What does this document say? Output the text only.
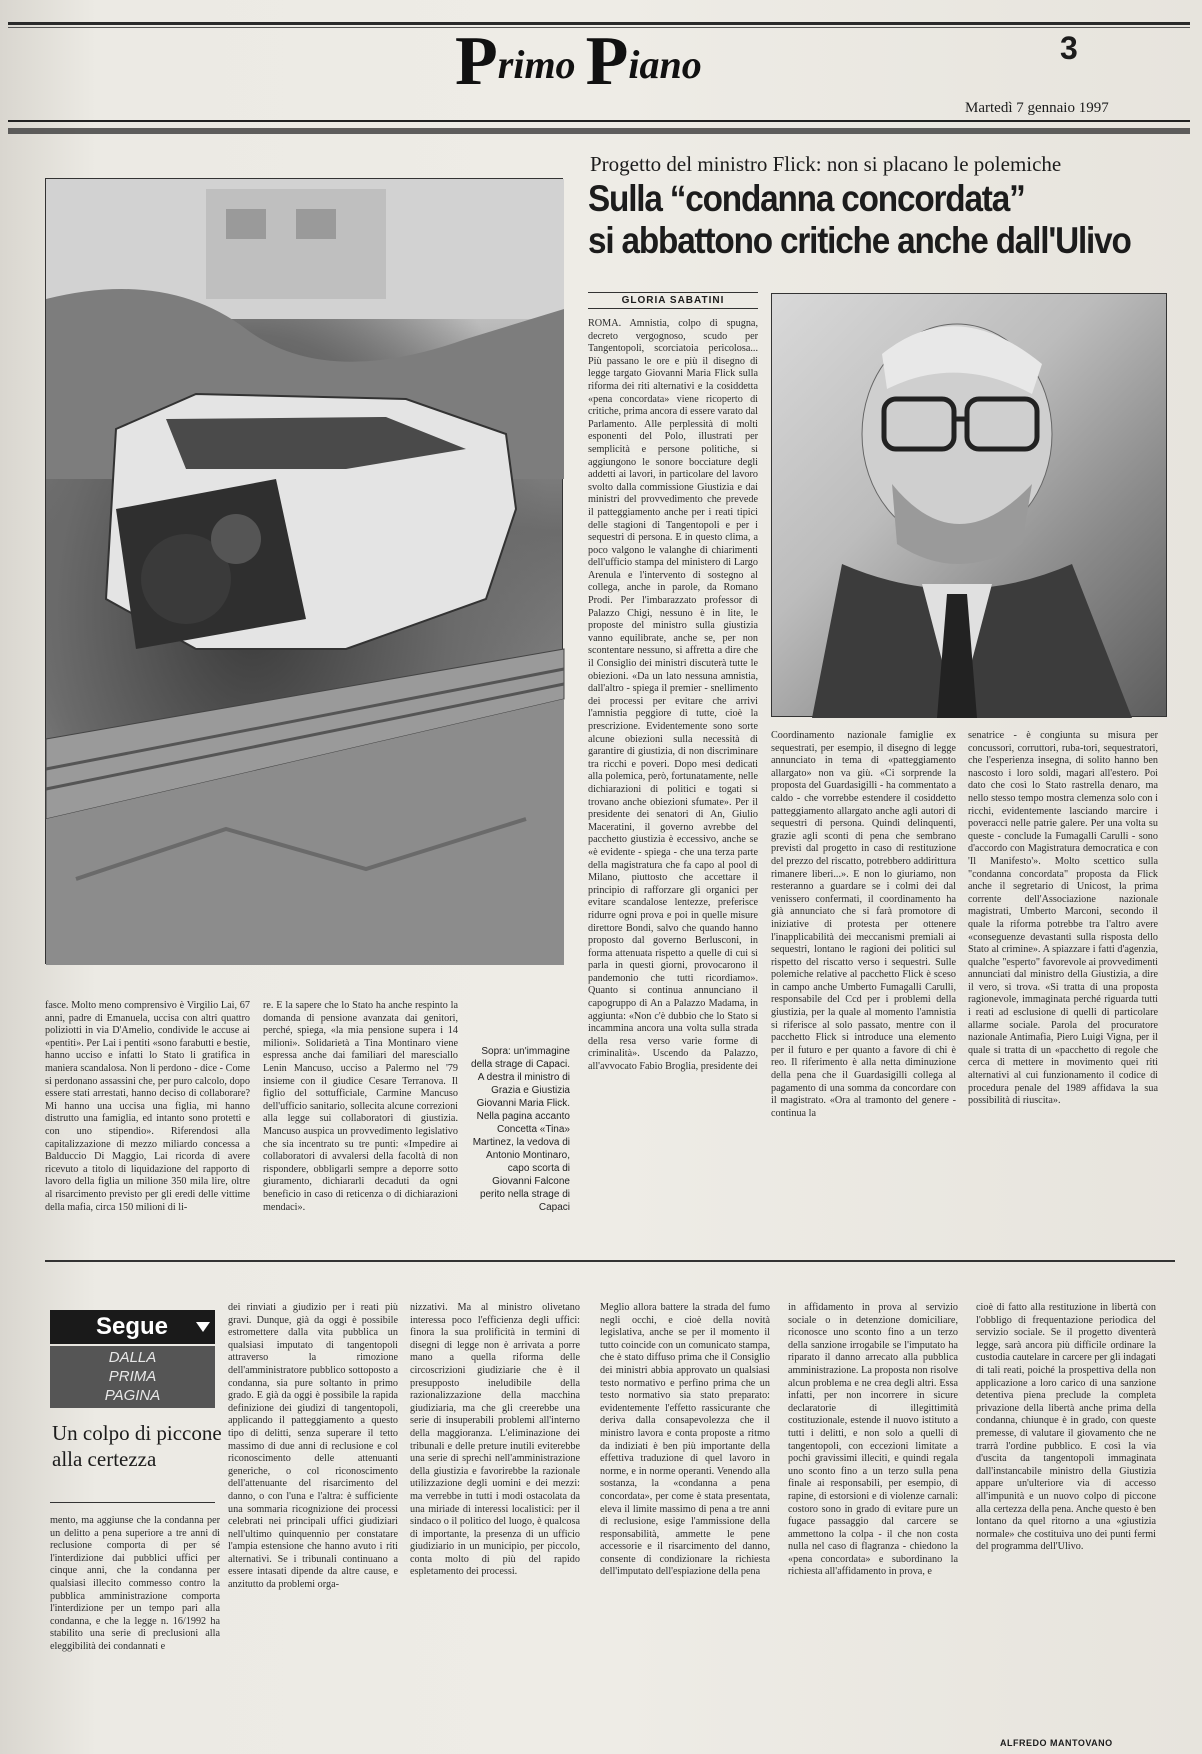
Primo Piano	3
Martedì 7 gennaio 1997
Progetto del ministro Flick: non si placano le polemiche
Sulla “condanna concordata”
si abbattono critiche anche dall'Ulivo
GLORIA SABATINI
ROMA. Amnistia, colpo di spugna, decreto vergognoso, scudo per Tangentopoli, scorciatoia pericolosa... Più passano le ore e più il disegno di legge targato Giovanni Maria Flick sulla riforma dei riti alternativi e la cosiddetta «pena concordata» viene ricoperto di critiche, prima ancora di essere varato dal Parlamento. Alle perplessità di molti esponenti del Polo, illustrati per semplicità e persone politiche, si aggiungono le sonore bocciature degli addetti ai lavori, in particolare del lavoro svolto dalla commissione Giustizia e dai ministri del provvedimento che prevede il patteggiamento anche per i reati tipici delle stagioni di Tangentopoli e per i sequestri di persona. E in questo clima, a poco valgono le valanghe di chiarimenti dell'ufficio stampa del ministero di Largo Arenula e l'intervento di sostegno al collega, anche in parole, da Romano Prodi. Per l'imbarazzato professor di Palazzo Chigi, nessuno è in lite, le proposte del ministro sulla giustizia vanno equilibrate, anche se, per non scontentare nessuno, si affretta a dire che il Consiglio dei ministri discuterà tutte le obiezioni. «Da un lato nessuna amnistia, dall'altro - spiega il premier - snellimento dei processi per evitare che arrivi l'amnistia peggiore di tutte, cioè la prescrizione. Evidentemente sono sorte alcune obiezioni sulla necessità di garantire di giustizia, di non discriminare tra ricchi e poveri. Dopo mesi dedicati alla polemica, però, fortunatamente, nelle dichiarazioni di politici e togati si trovano anche obiezioni sfumate». Per il presidente dei senatori di An, Giulio Maceratini, il governo avrebbe del pacchetto giustizia è eccessivo, anche se «è evidente - spiega - che una terza parte della magistratura che fa capo al pool di Milano, piuttosto che accettare il principio di rafforzare gli organici per evitare scandalose lentezze, preferisce ridurre ogni prova e poi in quelle misure direttore Bondi, salvo che quando hanno proposto dal governo Berlusconi, in forma attenuata rispetto a quelle di cui si parla in questi giorni, provocarono il pandemonio che tutti ricordiamo». Quanto si continua annunciano il capogruppo di An a Palazzo Madama, in aggiunta: «Non c'è dubbio che lo Stato si incammina ancora una volta sulla strada della resa verso varie forme di criminalità». Uscendo da Palazzo, all'avvocato Fabio Broglia, presidente dei
Coordinamento nazionale famiglie ex sequestrati, per esempio, il disegno di legge annunciato in tema di «patteggiamento allargato» non va giù. «Ci sorprende la proposta del Guardasigilli - ha commentato a caldo - che vorrebbe estendere il cosiddetto patteggiamento allargato anche agli autori di sequestri di persona. Quindi delinquenti, grazie agli sconti di pena che sembrano previsti dal progetto in caso di restituzione del prezzo del riscatto, potrebbero addirittura rimanere liberi...». E non lo giuriamo, non resteranno a guardare se i colmi dei dal venissero confermati, il coordinamento ha già annunciato che si farà promotore di iniziative di protesta per ottenere l'inapplicabilità dei meccanismi premiali ai sequestri, lontano le ragioni dei politici sul rispetto del riscatto verso i sequestri. Sulle polemiche relative al pacchetto Flick è sceso in campo anche Umberto Fumagalli Carulli, responsabile del Ccd per i problemi della giustizia, per la quale al momento l'amnistia si riferisce al solo passato, mentre con il pacchetto Flick si introduce una elemento per il futuro e per quanto a favore di chi è reo. Il riferimento è alla netta diminuzione della pena che il Guardasigilli collega al pagamento di una somma da concordare con il magistrato. «Ora al tramonto del genere - continua la
senatrice - è congiunta su misura per concussori, corruttori, ruba-tori, sequestratori, che l'esperienza insegna, di solito hanno ben nascosto i loro soldi, magari all'estero. Poi dato che così lo Stato rastrella denaro, ma nello stesso tempo mostra clemenza solo con i ricchi, evidentemente lasciando marcire i poveracci nelle patrie galere. Per una volta su queste - conclude la Fumagalli Carulli - sono d'accordo con Magistratura democratica e con 'Il Manifesto'». Molto scettico sulla "condanna concordata" proposta da Flick anche il segretario di Unicost, la prima corrente dell'Associazione nazionale magistrati, Umberto Marconi, secondo il quale la riforma potrebbe tra l'altro avere «conseguenze devastanti sulla risposta dello Stato al crimine». A spiazzare i fatti d'agenzia, qualche "esperto" favorevole ai provvedimenti annunciati dal ministro della Giustizia, a dire il vero, si trova. «Si tratta di una proposta ragionevole, immaginata perché riguarda tutti i reati ad esclusione di quelli di particolare allarme sociale. Parola del procuratore nazionale Antimafia, Piero Luigi Vigna, per il quale si tratta di un «pacchetto di regole che cerca di mettere in movimento quei riti alternativi al cui funzionamento il codice di procedura penale del 1989 affidava la sua possibilità di riuscita».
fasce. Molto meno comprensivo è Virgilio Lai, 67 anni, padre di Emanuela, uccisa con altri quattro poliziotti in via D'Amelio, condivide le accuse ai «pentiti». Per Lai i pentiti «sono farabutti e bestie, hanno ucciso e infatti lo Stato li gratifica in maniera scandalosa. Non li perdono - dice - Come si perdonano assassini che, per puro calcolo, dopo essere stati arrestati, hanno deciso di collaborare? Mi hanno una uccisa una figlia, mi hanno distrutto una famiglia, ed intanto sono protetti e con uno stipendio». Riferendosi alla capitalizzazione di mezzo miliardo concessa a Balduccio Di Maggio, Lai ricorda di avere ricevuto a titolo di liquidazione del rapporto di lavoro della figlia un milione 350 mila lire, oltre al risarcimento previsto per gli eredi delle vittime della mafia, circa 150 milioni di li-
re. E la sapere che lo Stato ha anche respinto la domanda di pensione avanzata dai genitori, perché, spiega, «la mia pensione supera i 14 milioni». Solidarietà a Tina Montinaro viene espressa anche dai familiari del maresciallo Lenin Mancuso, ucciso a Palermo nel '79 insieme con il giudice Cesare Terranova. Il figlio del sottufficiale, Carmine Mancuso dell'ufficio sanitario, sollecita alcune correzioni alla legge sui collaboratori di giustizia. Mancuso auspica un provvedimento legislativo che sia incentrato su tre punti: «Impedire ai collaboratori di avvalersi della facoltà di non rispondere, obbligarli sempre a deporre sotto giuramento, dichiararli decaduti da ogni beneficio in caso di reticenza o di dichiarazioni mendaci».
Sopra: un'immagine della strage di Capaci. A destra il ministro di Grazia e Giustizia Giovanni Maria Flick. Nella pagina accanto Concetta «Tina» Martinez, la vedova di Antonio Montinaro, capo scorta di Giovanni Falcone perito nella strage di Capaci
Segue
DALLA
PRIMA
PAGINA
Un colpo di piccone alla certezza
mento, ma aggiunse che la condanna per un delitto a pena superiore a tre anni di reclusione comporta di per sé l'interdizione dai pubblici uffici per cinque anni, che la condanna per qualsiasi illecito commesso contro la pubblica amministrazione comporta l'interdizione per un tempo pari alla condanna, e che la legge n. 16/1992 ha stabilito una serie di preclusioni alla eleggibilità dei condannati e
dei rinviati a giudizio per i reati più gravi. Dunque, già da oggi è possibile estromettere dalla vita pubblica un qualsiasi imputato di tangentopoli attraverso la rimozione dell'amministratore pubblico sottoposto a condanna, sia pure soltanto in primo grado. E già da oggi è possibile la rapida definizione dei giudizi di tangentopoli, applicando il patteggiamento a questo tipo di delitti, senza superare il tetto massimo di due anni di reclusione e col riconoscimento delle attenuanti generiche, o col riconoscimento dell'attenuante del risarcimento del danno, o con l'una e l'altra: è sufficiente una sommaria ricognizione dei processi celebrati nei principali uffici giudiziari nell'ultimo quinquennio per constatare l'ampia estensione che hanno avuto i riti alternativi. Se i tribunali continuano a essere intasati dipende da altre cause, e anzitutto da problemi orga-
nizzativi. Ma al ministro olivetano interessa poco l'efficienza degli uffici: finora la sua prolificità in termini di disegni di legge non è arrivata a porre mano a quella riforma delle circoscrizioni giudiziarie che è il presupposto ineludibile della razionalizzazione della macchina giudiziaria, ma che gli creerebbe una serie di insuperabili problemi all'interno della maggioranza. L'eliminazione dei tribunali e delle preture inutili eviterebbe una serie di sprechi nell'amministrazione della giustizia e favorirebbe la razionale utilizzazione degli uomini e dei mezzi: ma verrebbe in tutti i modi ostacolata da una miriade di interessi localistici: per il sindaco o il politico del luogo, è qualcosa di importante, la presenza di un ufficio giudiziario in un municipio, per piccolo, conta molto di più del rapido espletamento dei processi.
Meglio allora battere la strada del fumo negli occhi, e cioè della novità legislativa, anche se per il momento il tutto coincide con un comunicato stampa, che è stato diffuso prima che il Consiglio dei ministri abbia approvato un qualsiasi testo normativo e perfino prima che un testo normativo sia stato preparato: evidentemente l'effetto rassicurante che deriva dalla consapevolezza che il ministro lavora e conta proposte a ritmo da indiziati è ben più importante della effettiva traduzione di quel lavoro in norme, e in norme operanti. Venendo alla sostanza, la «condanna a pena concordata», per come è stata presentata, eleva il limite massimo di pena a tre anni di reclusione, esige l'ammissione della responsabilità, ammette le pene accessorie e il risarcimento del danno, consente di condizionare la richiesta dell'imputato dell'espiazione della pena
in affidamento in prova al servizio sociale o in detenzione domiciliare, riconosce uno sconto fino a un terzo della sanzione irrogabile se l'imputato ha riparato il danno arrecato alla pubblica amministrazione. La proposta non risolve alcun problema e ne crea degli altri. Essa infatti, per non incorrere in sicure declaratorie di illegittimità costituzionale, estende il nuovo istituto a tutti i delitti, e non solo a quelli di tangentopoli, con eccezioni limitate a pochi gravissimi illeciti, e quindi regala uno sconto fino a un terzo sulla pena finale ai responsabili, per esempio, di rapine, di estorsioni e di violenze carnali: costoro sono in grado di evitare pure un fugace passaggio dal carcere se ammettono la colpa - il che non costa nulla nel caso di flagranza - chiedono la «pena concordata» e subordinano la richiesta all'affidamento in prova, e
cioè di fatto alla restituzione in libertà con l'obbligo di frequentazione periodica del servizio sociale. Se il progetto diventerà legge, sarà ancora più difficile ordinare la custodia cautelare in carcere per gli indagati di tali reati, poiché la prospettiva della non applicazione a loro carico di una sanzione detentiva piena preclude la completa privazione della libertà anche prima della condanna, chiunque è in grado, con queste premesse, di valutare il giovamento che ne trarrà l'ordine pubblico. E così la via d'uscita da tangentopoli immaginata dall'instancabile ministro della Giustizia appare un'ulteriore via di accesso all'impunità e un nuovo colpo di piccone alla certezza della pena. Anche questo è ben lontano da quel ritorno a una «giustizia normale» che costituiva uno dei punti fermi del programma dell'Ulivo.
ALFREDO MANTOVANO
